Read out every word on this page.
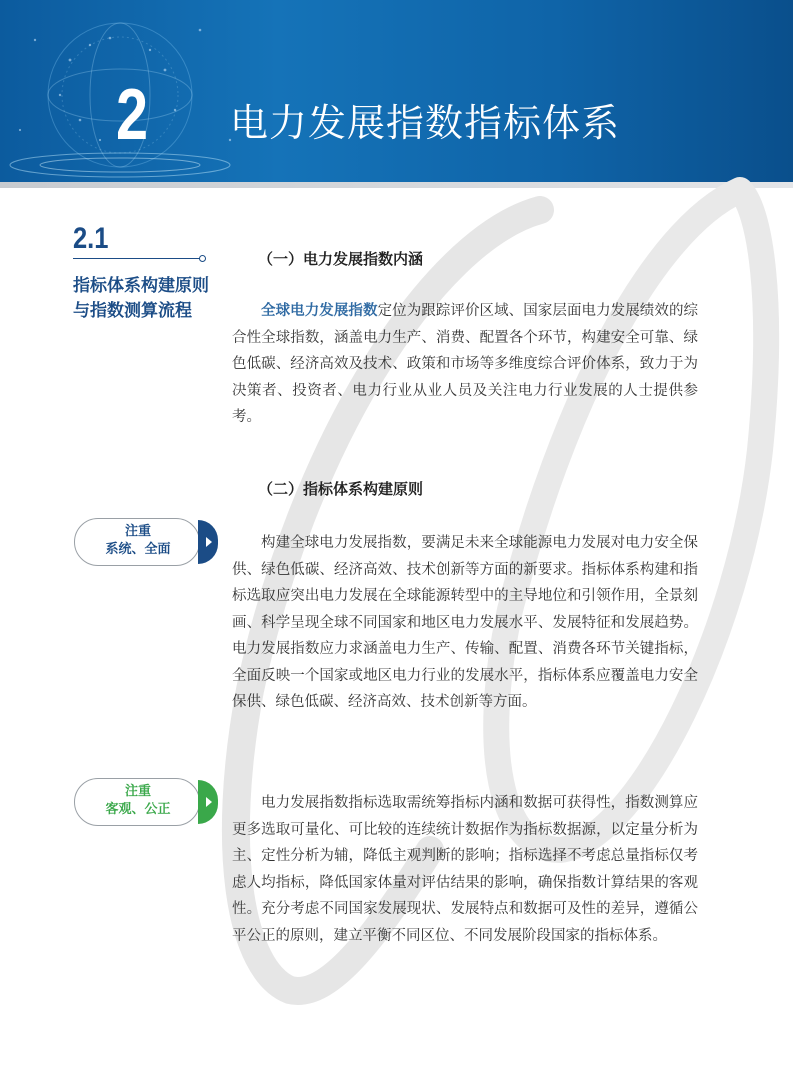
2 电力发展指数指标体系
2.1
指标体系构建原则与指数测算流程
（一）电力发展指数内涵

全球电力发展指数定位为跟踪评价区域、国家层面电力发展绩效的综合性全球指数，涵盖电力生产、消费、配置各个环节，构建安全可靠、绿色低碳、经济高效及技术、政策和市场等多维度综合评价体系，致力于为决策者、投资者、电力行业从业人员及关注电力行业发展的人士提供参考。

（二）指标体系构建原则

构建全球电力发展指数，要满足未来全球能源电力发展对电力安全保供、绿色低碳、经济高效、技术创新等方面的新要求。指标体系构建和指标选取应突出电力发展在全球能源转型中的主导地位和引领作用，全景刻画、科学呈现全球不同国家和地区电力发展水平、发展特征和发展趋势。电力发展指数应力求涵盖电力生产、传输、配置、消费各环节关键指标，全面反映一个国家或地区电力行业的发展水平，指标体系应覆盖电力安全保供、绿色低碳、经济高效、技术创新等方面。

电力发展指数指标选取需统筹指标内涵和数据可获得性，指数测算应更多选取可量化、可比较的连续统计数据作为指标数据源，以定量分析为主、定性分析为辅，降低主观判断的影响；指标选择不考虑总量指标仅考虑人均指标，降低国家体量对评估结果的影响，确保指数计算结果的客观性。充分考虑不同国家发展现状、发展特点和数据可及性的差异，遵循公平公正的原则，建立平衡不同区位、不同发展阶段国家的指标体系。

注重
系统、全面
注重
客观、公正
